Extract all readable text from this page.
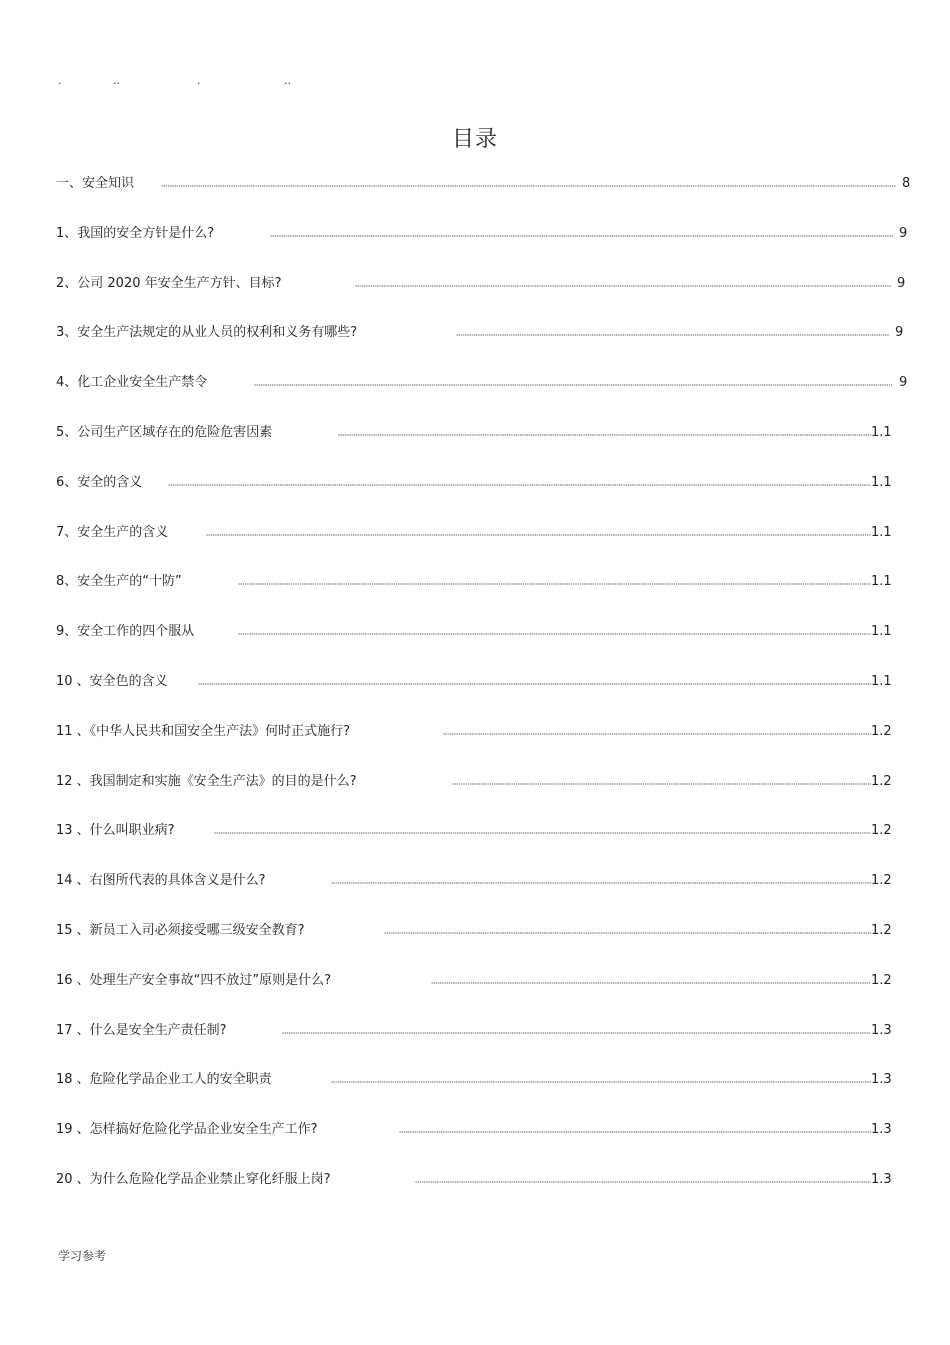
.	..	.	..
目录
一、安全知识	8
1、我国的安全方针是什么?	9
2、公司 2020 年安全生产方针、目标?	9
3、安全生产法规定的从业人员的权利和义务有哪些?	9
4、化工企业安全生产禁令	9
5、公司生产区域存在的危险危害因素	1.1
6、安全的含义	1.1
7、安全生产的含义	1.1
8、安全生产的“十防”	1.1
9、安全工作的四个服从	1.1
10 、安全色的含义	1.1
11 、《中华人民共和国安全生产法》何时正式施行?	1.2
12 、我国制定和实施《安全生产法》的目的是什么?	1.2
13 、什么叫职业病?	1.2
14 、右图所代表的具体含义是什么?	1.2
15 、新员工入司必须接受哪三级安全教育?	1.2
16 、处理生产安全事故“四不放过”原则是什么?	1.2
17 、什么是安全生产责任制?	1.3
18 、危险化学品企业工人的安全职责	1.3
19 、怎样搞好危险化学品企业安全生产工作?	1.3
20 、为什么危险化学品企业禁止穿化纤服上岗?	1.3
学习参考
